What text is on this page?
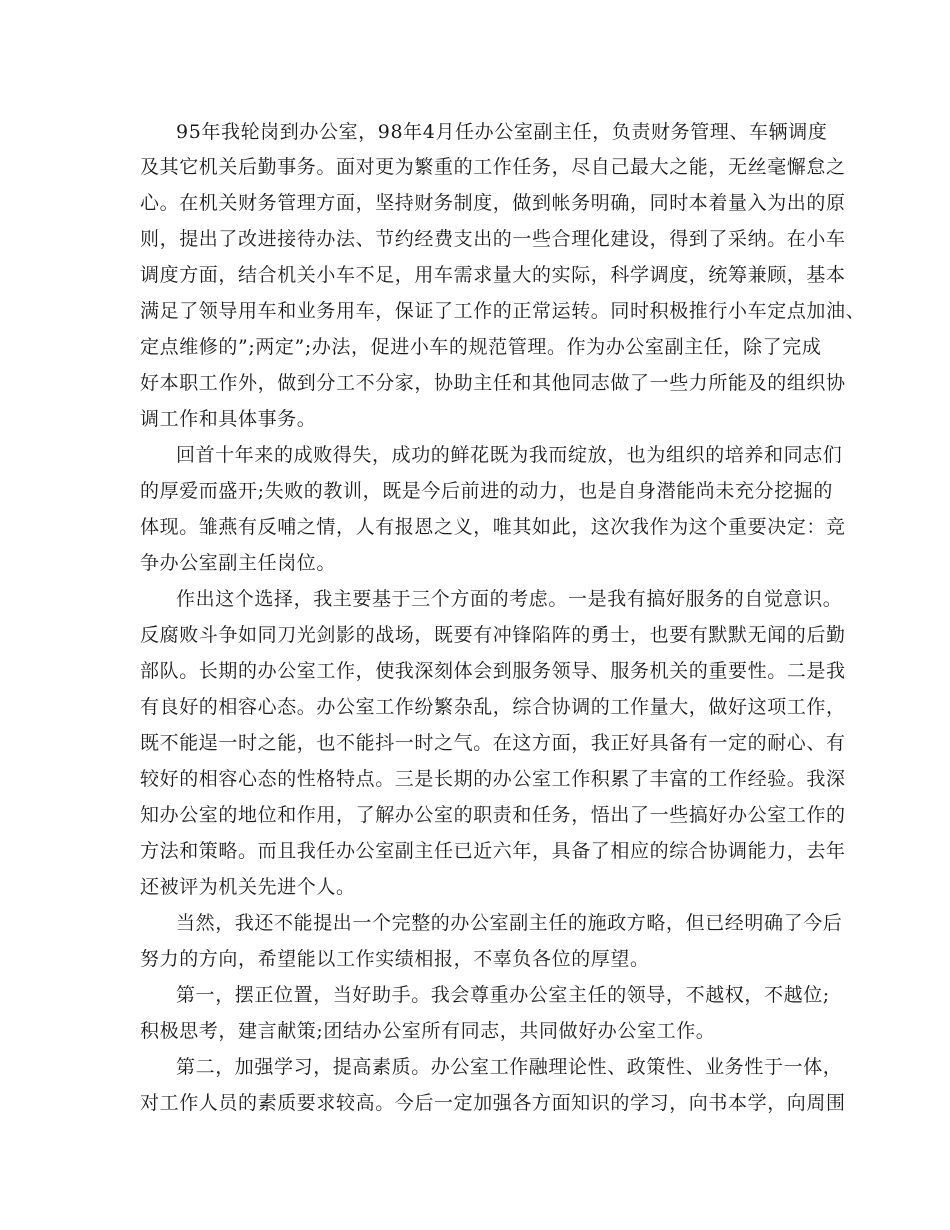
95年我轮岗到办公室，98年4月任办公室副主任，负责财务管理、车辆调度
及其它机关后勤事务。面对更为繁重的工作任务，尽自己最大之能，无丝毫懈怠之
心。在机关财务管理方面，坚持财务制度，做到帐务明确，同时本着量入为出的原
则，提出了改进接待办法、节约经费支出的一些合理化建设，得到了采纳。在小车
调度方面，结合机关小车不足，用车需求量大的实际，科学调度，统筹兼顾，基本
满足了领导用车和业务用车，保证了工作的正常运转。同时积极推行小车定点加油、
定点维修的”;两定”;办法，促进小车的规范管理。作为办公室副主任，除了完成
好本职工作外，做到分工不分家，协助主任和其他同志做了一些力所能及的组织协
调工作和具体事务。
回首十年来的成败得失，成功的鲜花既为我而绽放，也为组织的培养和同志们
的厚爱而盛开;失败的教训，既是今后前进的动力，也是自身潜能尚未充分挖掘的
体现。雏燕有反哺之情，人有报恩之义，唯其如此，这次我作为这个重要决定：竞
争办公室副主任岗位。
作出这个选择，我主要基于三个方面的考虑。一是我有搞好服务的自觉意识。
反腐败斗争如同刀光剑影的战场，既要有冲锋陷阵的勇士，也要有默默无闻的后勤
部队。长期的办公室工作，使我深刻体会到服务领导、服务机关的重要性。二是我
有良好的相容心态。办公室工作纷繁杂乱，综合协调的工作量大，做好这项工作，
既不能逞一时之能，也不能抖一时之气。在这方面，我正好具备有一定的耐心、有
较好的相容心态的性格特点。三是长期的办公室工作积累了丰富的工作经验。我深
知办公室的地位和作用，了解办公室的职责和任务，悟出了一些搞好办公室工作的
方法和策略。而且我任办公室副主任已近六年，具备了相应的综合协调能力，去年
还被评为机关先进个人。
当然，我还不能提出一个完整的办公室副主任的施政方略，但已经明确了今后
努力的方向，希望能以工作实绩相报，不辜负各位的厚望。
第一，摆正位置，当好助手。我会尊重办公室主任的领导，不越权，不越位;
积极思考，建言献策;团结办公室所有同志，共同做好办公室工作。
第二，加强学习，提高素质。办公室工作融理论性、政策性、业务性于一体，
对工作人员的素质要求较高。今后一定加强各方面知识的学习，向书本学，向周围
